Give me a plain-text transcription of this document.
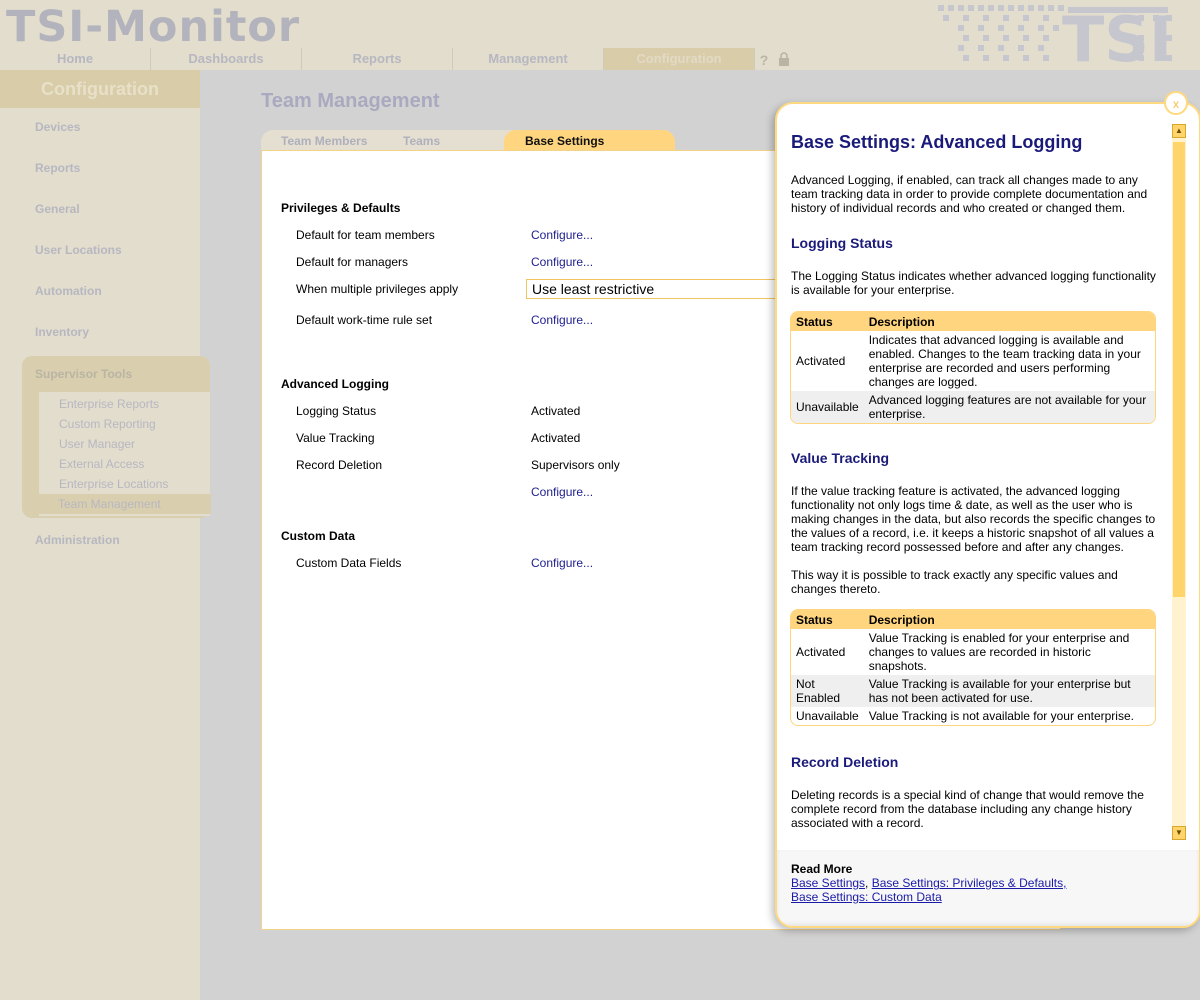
TSI-Monitor	TSI
Home	Dashboards	Reports	Management	Configuration	?
Configuration
Devices
Reports
General
User Locations
Automation
Inventory
Supervisor Tools
Enterprise Reports
Custom Reporting
User Manager
External Access
Enterprise Locations
Team Management
Administration
Team Management
Team Members	Teams	Base Settings
Privileges & Defaults
Default for team members	Configure...
Default for managers	Configure...
When multiple privileges apply	Use least restrictive
Default work-time rule set	Configure...
Advanced Logging
Logging Status	Activated
Value Tracking	Activated
Record Deletion	Supervisors only
Configure...
Custom Data
Custom Data Fields	Configure...
Base Settings: Advanced Logging
Advanced Logging, if enabled, can track all changes made to any team tracking data in order to provide complete documentation and history of individual records and who created or changed them.
Logging Status
The Logging Status indicates whether advanced logging functionality is available for your enterprise.
Status	Description
Activated	Indicates that advanced logging is available and enabled. Changes to the team tracking data in your enterprise are recorded and users performing changes are logged.
Unavailable	Advanced logging features are not available for your enterprise.
Value Tracking
If the value tracking feature is activated, the advanced logging functionality not only logs time & date, as well as the user who is making changes in the data, but also records the specific changes to the values of a record, i.e. it keeps a historic snapshot of all values a team tracking record possessed before and after any changes.
This way it is possible to track exactly any specific values and changes thereto.
Status	Description
Activated	Value Tracking is enabled for your enterprise and changes to values are recorded in historic snapshots.
Not Enabled	Value Tracking is available for your enterprise but has not been activated for use.
Unavailable	Value Tracking is not available for your enterprise.
Record Deletion
Deleting records is a special kind of change that would remove the complete record from the database including any change history associated with a record.
▲
▼
Read More
Base Settings, Base Settings: Privileges & Defaults,
Base Settings: Custom Data
x
